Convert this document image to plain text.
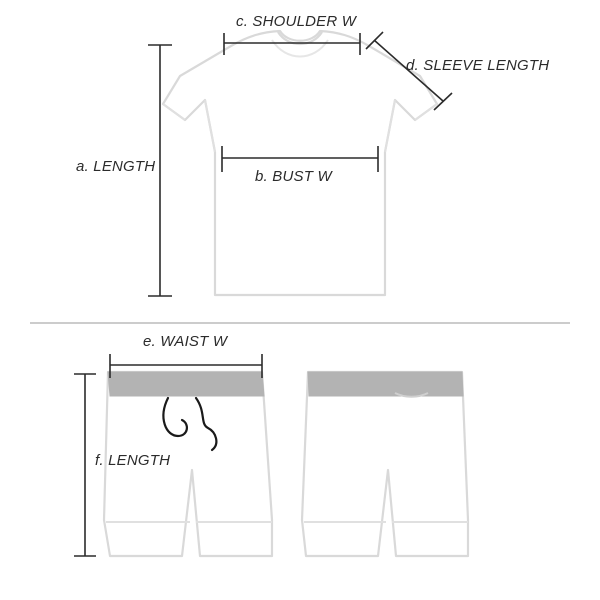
a. LENGTH
b. BUST W
c. SHOULDER W
d. SLEEVE LENGTH
e. WAIST W
f. LENGTH
